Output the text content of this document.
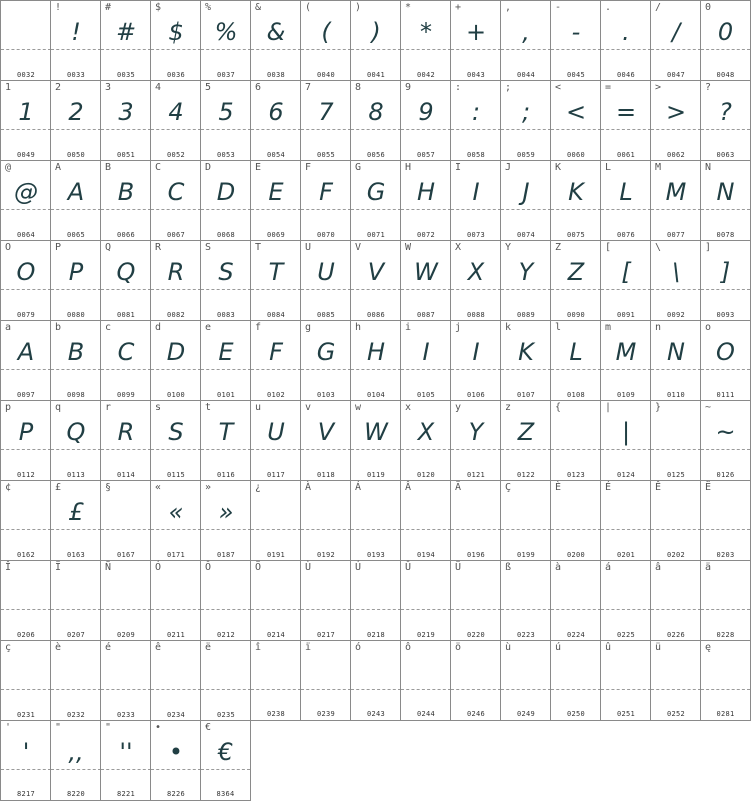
0032
!
!
0033
#
#
0035
$
$
0036
%
%
0037
&
&
0038
(
(
0040
)
)
0041
*
*
0042
+
+
0043
,
,
0044
-
-
0045
.
.
0046
/
/
0047
0
0
0048
1
1
0049
2
2
0050
3
3
0051
4
4
0052
5
5
0053
6
6
0054
7
7
0055
8
8
0056
9
9
0057
:
:
0058
;
;
0059
<
<
0060
=
=
0061
>
>
0062
?
?
0063
@
@
0064
A
A
0065
B
B
0066
C
C
0067
D
D
0068
E
E
0069
F
F
0070
G
G
0071
H
H
0072
I
I
0073
J
J
0074
K
K
0075
L
L
0076
M
M
0077
N
N
0078
O
O
0079
P
P
0080
Q
Q
0081
R
R
0082
S
S
0083
T
T
0084
U
U
0085
V
V
0086
W
W
0087
X
X
0088
Y
Y
0089
Z
Z
0090
[
[
0091
\
\
0092
]
]
0093
a
A
0097
b
B
0098
c
C
0099
d
D
0100
e
E
0101
f
F
0102
g
G
0103
h
H
0104
i
I
0105
j
I
0106
k
K
0107
l
L
0108
m
M
0109
n
N
0110
o
O
0111
p
P
0112
q
Q
0113
r
R
0114
s
S
0115
t
T
0116
u
U
0117
v
V
0118
w
W
0119
x
X
0120
y
Y
0121
z
Z
0122
{
0123
|
|
0124
}
0125
~
~
0126
¢
0162
£
£
0163
§
0167
«
«
0171
»
»
0187
¿
0191
À
0192
Á
0193
Â
0194
Ä
0196
Ç
0199
È
0200
É
0201
Ê
0202
Ë
0203
Î
0206
Ï
0207
Ñ
0209
Ó
0211
Ô
0212
Ö
0214
Ù
0217
Ú
0218
Û
0219
Ü
0220
ß
0223
à
0224
á
0225
â
0226
ä
0228
ç
0231
è
0232
é
0233
ê
0234
ë
0235
î
0238
ï
0239
ó
0243
ô
0244
ö
0246
ù
0249
ú
0250
û
0251
ü
0252
ę
0281
'
'
8217
"
,,
8220
"
''
8221
•
•
8226
€
€
8364
